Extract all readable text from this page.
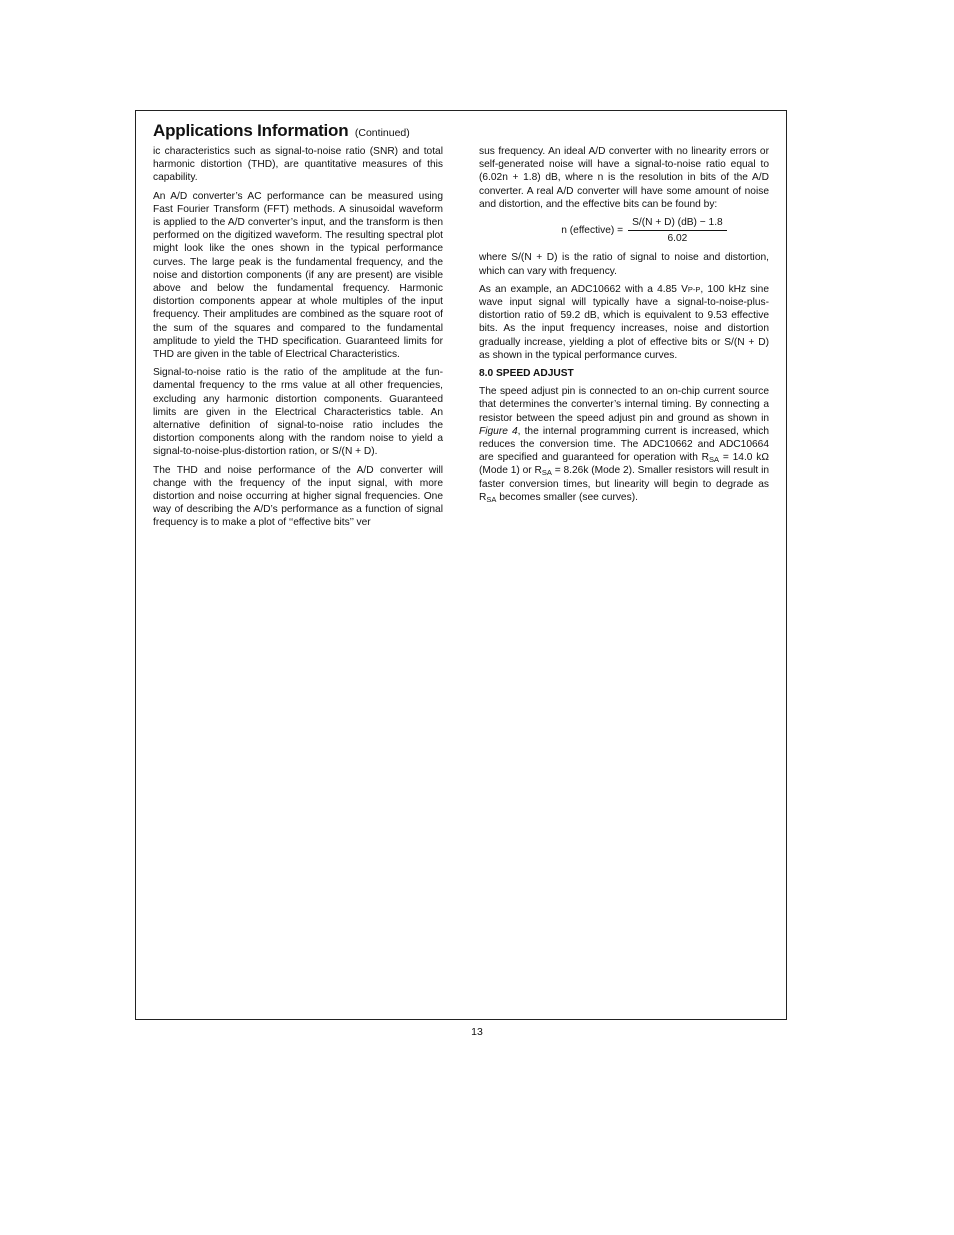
Applications Information (Continued)

ic characteristics such as signal-to-noise ratio (SNR) and total harmonic distortion (THD), are quantitative measures of this capability.

An A/D converter’s AC performance can be measured using Fast Fourier Transform (FFT) methods. A sinusoidal waveform is applied to the A/D converter’s input, and the transform is then performed on the digitized waveform. The resulting spectral plot might look like the ones shown in the typical performance curves. The large peak is the fundamental frequency, and the noise and distortion components (if any are present) are visible above and below the fundamental frequency. Harmonic distortion components appear at whole multiples of the input frequency. Their amplitudes are combined as the square root of the sum of the squares and compared to the fundamental amplitude to yield the THD specification. Guaranteed limits for THD are given in the table of Electrical Characteristics.

Signal-to-noise ratio is the ratio of the amplitude at the fundamental frequency to the rms value at all other frequencies, excluding any harmonic distortion components. Guaranteed limits are given in the Electrical Characteristics table. An alternative definition of signal-to-noise ratio includes the distortion components along with the random noise to yield a signal-to-noise-plus-distortion ration, or S/(N + D).

The THD and noise performance of the A/D converter will change with the frequency of the input signal, with more distortion and noise occurring at higher signal frequencies. One way of describing the A/D’s performance as a function of signal frequency is to make a plot of ‘‘effective bits’’ ver

sus frequency. An ideal A/D converter with no linearity errors or self-generated noise will have a signal-to-noise ratio equal to (6.02n + 1.8) dB, where n is the resolution in bits of the A/D converter. A real A/D converter will have some amount of noise and distortion, and the effective bits can be found by:

n (effective) = $\frac{S/(N + D) (dB) - 1.8}{6.02}$

where S/(N + D) is the ratio of signal to noise and distortion, which can vary with frequency.

As an example, an ADC10662 with a 4.85 VP-P, 100 kHz sine wave input signal will typically have a signal-to-noise-plus-distortion ratio of 59.2 dB, which is equivalent to 9.53 effective bits. As the input frequency increases, noise and distortion gradually increase, yielding a plot of effective bits or S/(N + D) as shown in the typical performance curves.

8.0 SPEED ADJUST

The speed adjust pin is connected to an on-chip current source that determines the converter’s internal timing. By connecting a resistor between the speed adjust pin and ground as shown in Figure 4, the internal programming current is increased, which reduces the conversion time. The ADC10662 and ADC10664 are specified and guaranteed for operation with $R_{SA} = 14.0$ kΩ (Mode 1) or $R_{SA} = 8.26k$ (Mode 2). Smaller resistors will result in faster conversion times, but linearity will begin to degrade as $R_{SA}$ becomes smaller (see curves).

13
